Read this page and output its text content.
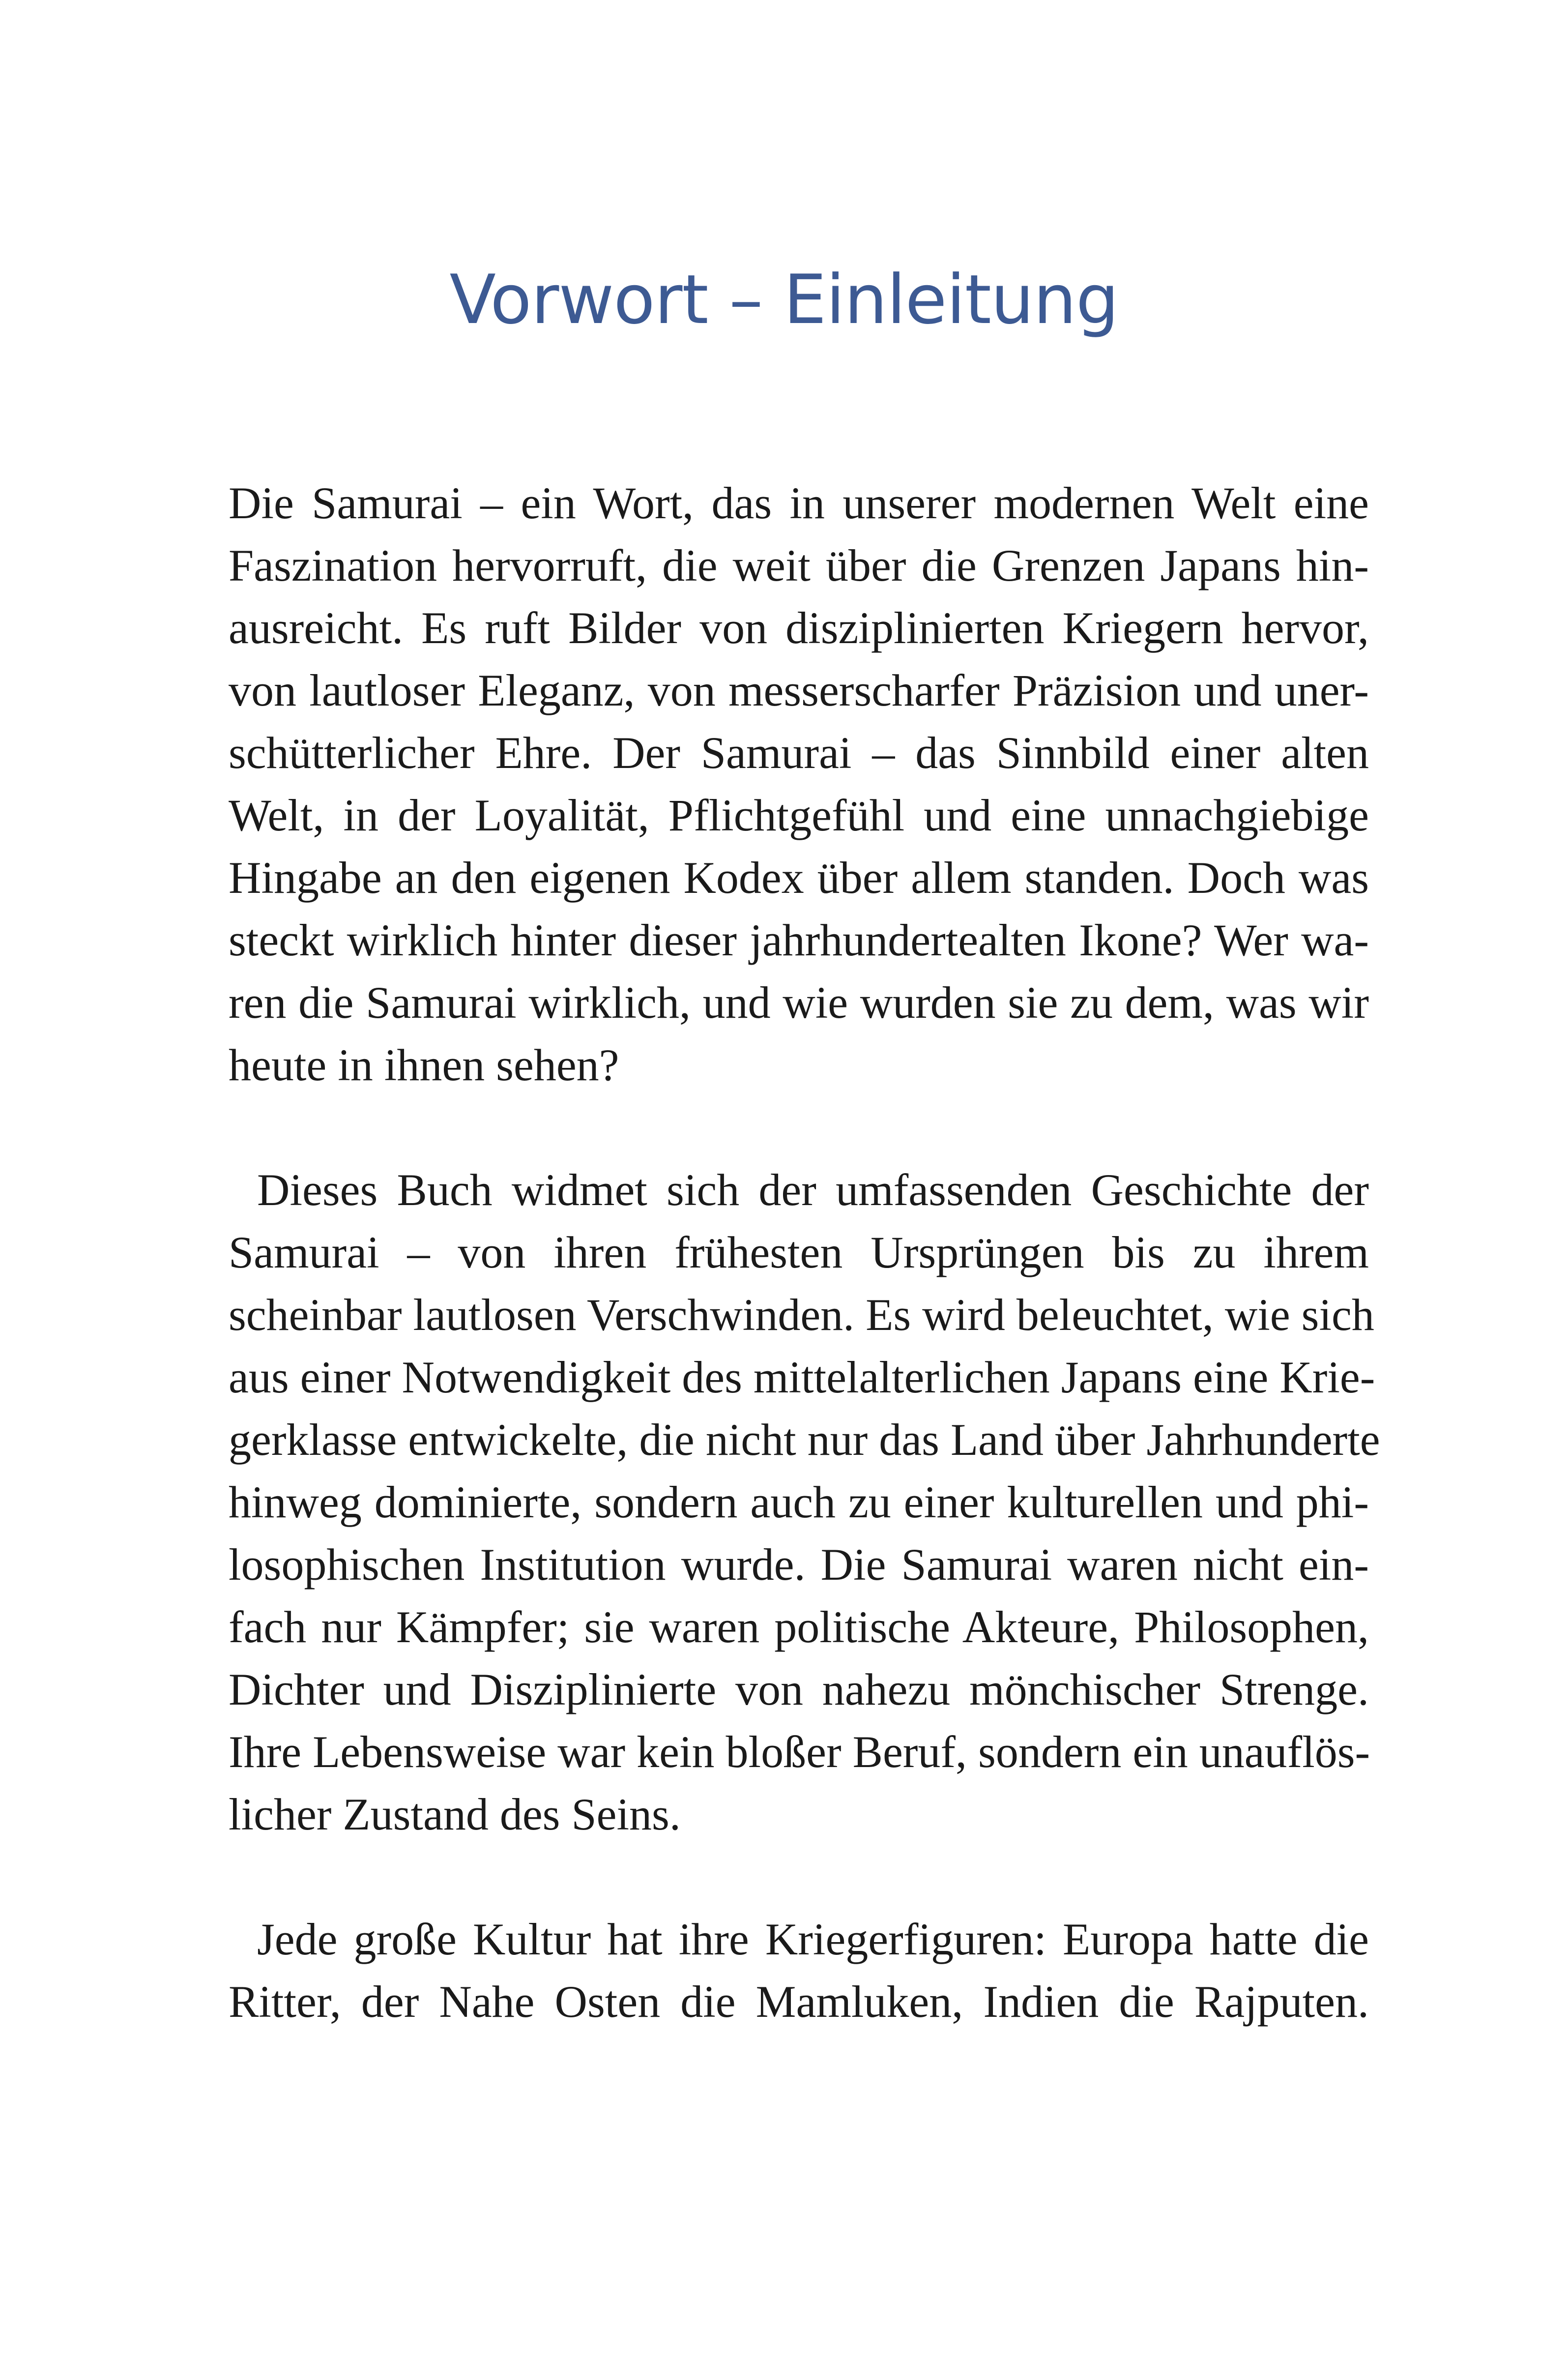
Vorwort – Einleitung

Die Samurai – ein Wort, das in unserer modernen Welt eine
Faszination hervorruft, die weit über die Grenzen Japans hin-
ausreicht. Es ruft Bilder von disziplinierten Kriegern hervor,
von lautloser Eleganz, von messerscharfer Präzision und uner-
schütterlicher Ehre. Der Samurai – das Sinnbild einer alten
Welt, in der Loyalität, Pflichtgefühl und eine unnachgiebige
Hingabe an den eigenen Kodex über allem standen. Doch was
steckt wirklich hinter dieser jahrhundertealten Ikone? Wer wa-
ren die Samurai wirklich, und wie wurden sie zu dem, was wir
heute in ihnen sehen?

Dieses Buch widmet sich der umfassenden Geschichte der
Samurai – von ihren frühesten Ursprüngen bis zu ihrem
scheinbar lautlosen Verschwinden. Es wird beleuchtet, wie sich
aus einer Notwendigkeit des mittelalterlichen Japans eine Krie-
gerklasse entwickelte, die nicht nur das Land über Jahrhunderte
hinweg dominierte, sondern auch zu einer kulturellen und phi-
losophischen Institution wurde. Die Samurai waren nicht ein-
fach nur Kämpfer; sie waren politische Akteure, Philosophen,
Dichter und Disziplinierte von nahezu mönchischer Strenge.
Ihre Lebensweise war kein bloßer Beruf, sondern ein unauflös-
licher Zustand des Seins.

Jede große Kultur hat ihre Kriegerfiguren: Europa hatte die
Ritter, der Nahe Osten die Mamluken, Indien die Rajputen.
